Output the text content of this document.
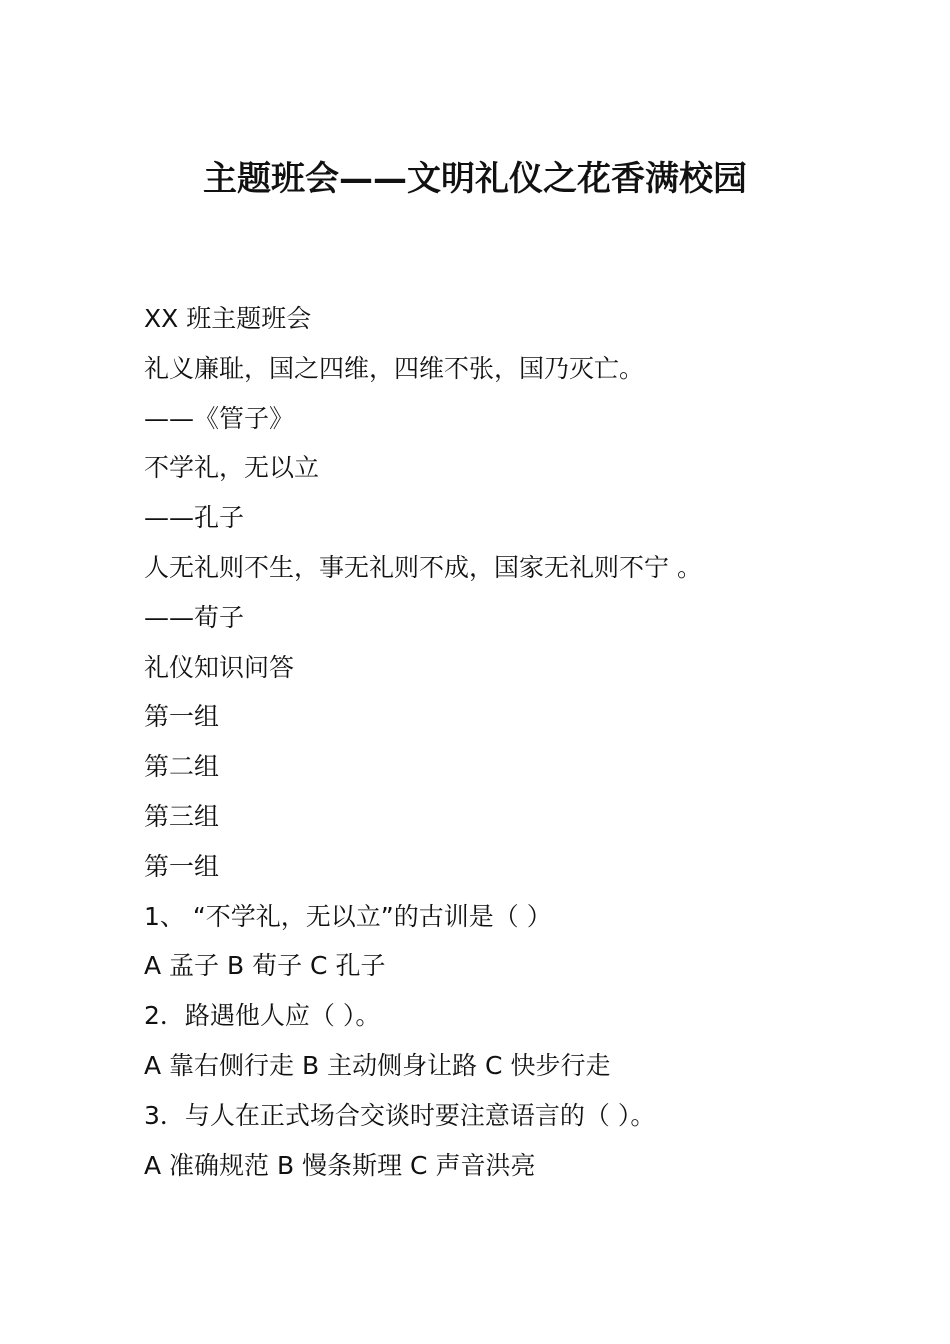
主题班会——文明礼仪之花香满校园
XX 班主题班会
礼义廉耻，国之四维，四维不张，国乃灭亡。
——《管子》
不学礼，无以立
——孔子
人无礼则不生，事无礼则不成，国家无礼则不宁 。
——荀子
礼仪知识问答
第一组
第二组
第三组
第一组
1、 “不学礼，无以立”的古训是（ ）
A 孟子 B 荀子 C 孔子
2．路遇他人应（ ）。
A 靠右侧行走 B 主动侧身让路 C 快步行走
3．与人在正式场合交谈时要注意语言的（ ）。
A 准确规范 B 慢条斯理 C 声音洪亮
